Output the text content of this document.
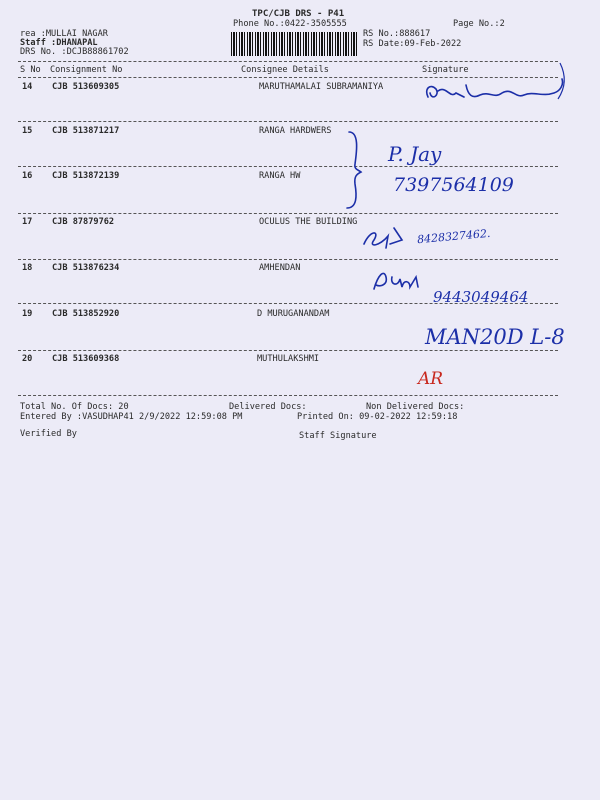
TPC/CJB DRS - P41
Phone No.:0422-3505555	Page No.:2
rea :MULLAI NAGAR
Staff :DHANAPAL
DRS No. :DCJB88861702
RS No.:888617
RS Date:09-Feb-2022
S No Consignment No	Consignee Details	Signature
14 CJB 513609305	MARUTHAMALAI SUBRAMANIYA
15 CJB 513871217	RANGA HARDWERS
16 CJB 513872139	RANGA HW
17 CJB 87879762	OCULUS THE BUILDING
18 CJB 513876234	AMHENDAN
19 CJB 513852920	D MURUGANANDAM
20 CJB 513609368	MUTHULAKSHMI
P. Jay
7397564109
8428327462.
9443049464
MAN20D L-8
AR
Total No. Of Docs: 20	Delivered Docs:	Non Delivered Docs:
Entered By :VASUDHAP41 2/9/2022 12:59:08 PM	Printed On: 09-02-2022 12:59:18
Verified By	Staff Signature
